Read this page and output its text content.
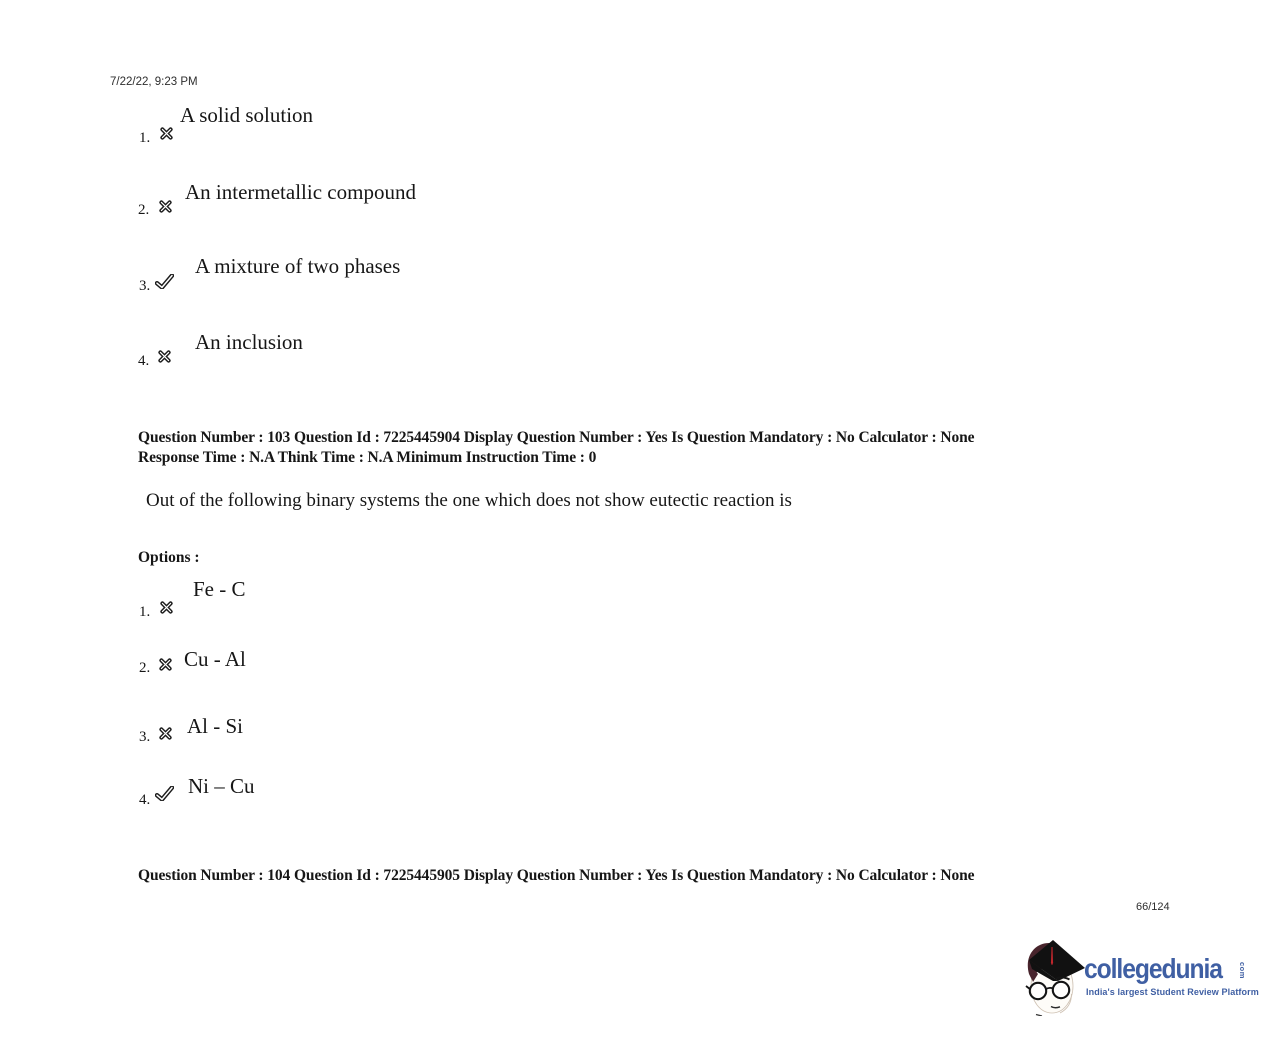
7/22/22, 9:23 PM
A solid solution
1.
An intermetallic compound
2.
A mixture of two phases
3.
An inclusion
4.
Question Number : 103 Question Id : 7225445904 Display Question Number : Yes Is Question Mandatory : No Calculator : None
Response Time : N.A Think Time : N.A Minimum Instruction Time : 0
Out of the following binary systems the one which does not show eutectic reaction is
Options :
Fe - C
1.
Cu - Al
2.
Al - Si
3.
Ni – Cu
4.
Question Number : 104 Question Id : 7225445905 Display Question Number : Yes Is Question Mandatory : No Calculator : None
66/124
collegedunia com
India's largest Student Review Platform
